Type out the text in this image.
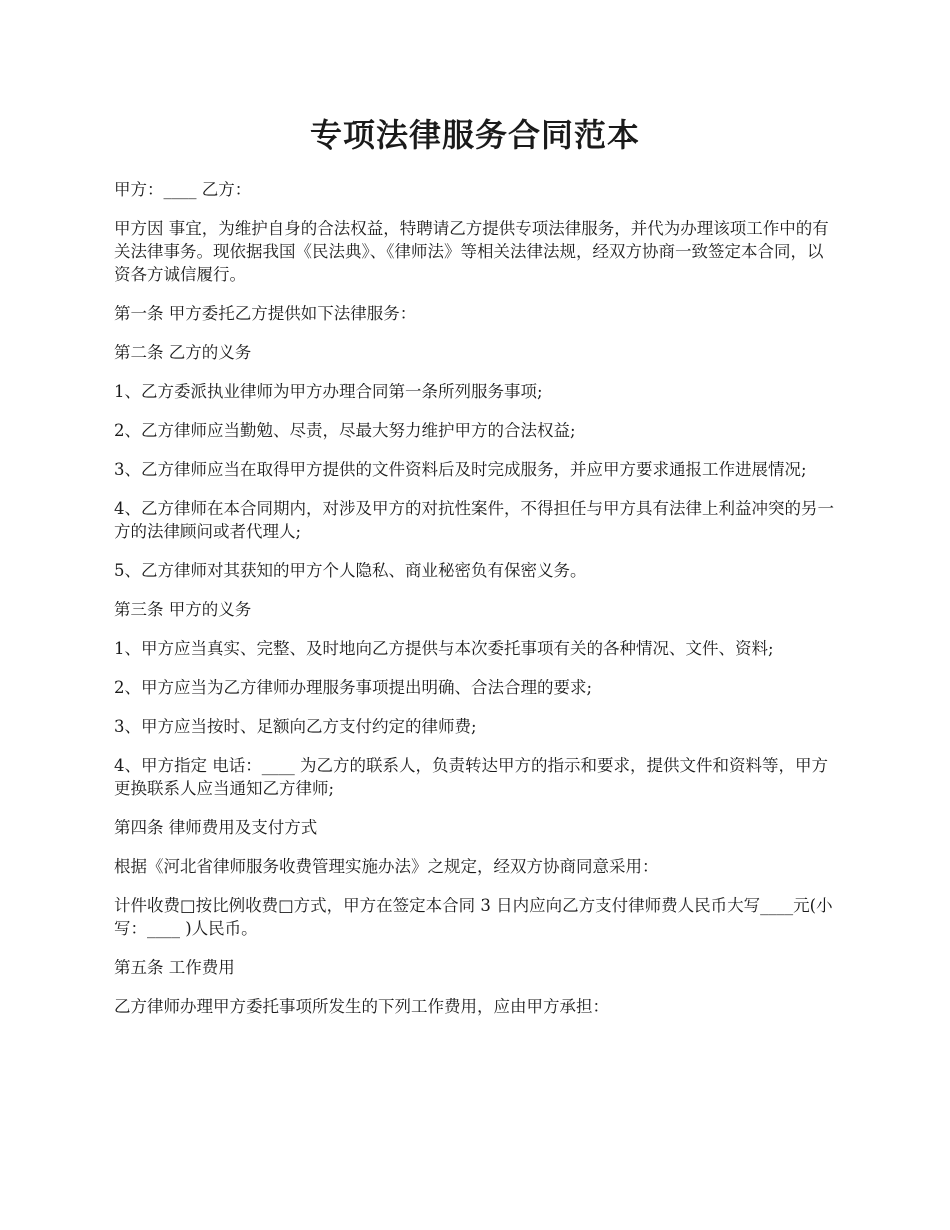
专项法律服务合同范本

甲方：____ 乙方：

甲方因 事宜，为维护自身的合法权益，特聘请乙方提供专项法律服务，并代为办理该项工作中的有关法律事务。现依据我国《民法典》、《律师法》等相关法律法规，经双方协商一致签定本合同，以资各方诚信履行。

第一条 甲方委托乙方提供如下法律服务：

第二条 乙方的义务

1、乙方委派执业律师为甲方办理合同第一条所列服务事项;

2、乙方律师应当勤勉、尽责，尽最大努力维护甲方的合法权益;

3、乙方律师应当在取得甲方提供的文件资料后及时完成服务，并应甲方要求通报工作进展情况;

4、乙方律师在本合同期内，对涉及甲方的对抗性案件，不得担任与甲方具有法律上利益冲突的另一方的法律顾问或者代理人;

5、乙方律师对其获知的甲方个人隐私、商业秘密负有保密义务。

第三条 甲方的义务

1、甲方应当真实、完整、及时地向乙方提供与本次委托事项有关的各种情况、文件、资料;

2、甲方应当为乙方律师办理服务事项提出明确、合法合理的要求;

3、甲方应当按时、足额向乙方支付约定的律师费;

4、甲方指定 电话：____ 为乙方的联系人，负责转达甲方的指示和要求，提供文件和资料等，甲方更换联系人应当通知乙方律师;

第四条 律师费用及支付方式

根据《河北省律师服务收费管理实施办法》之规定，经双方协商同意采用：

计件收费□按比例收费□方式，甲方在签定本合同 3 日内应向乙方支付律师费人民币大写____元(小写：____ )人民币。

第五条 工作费用

乙方律师办理甲方委托事项所发生的下列工作费用，应由甲方承担：
